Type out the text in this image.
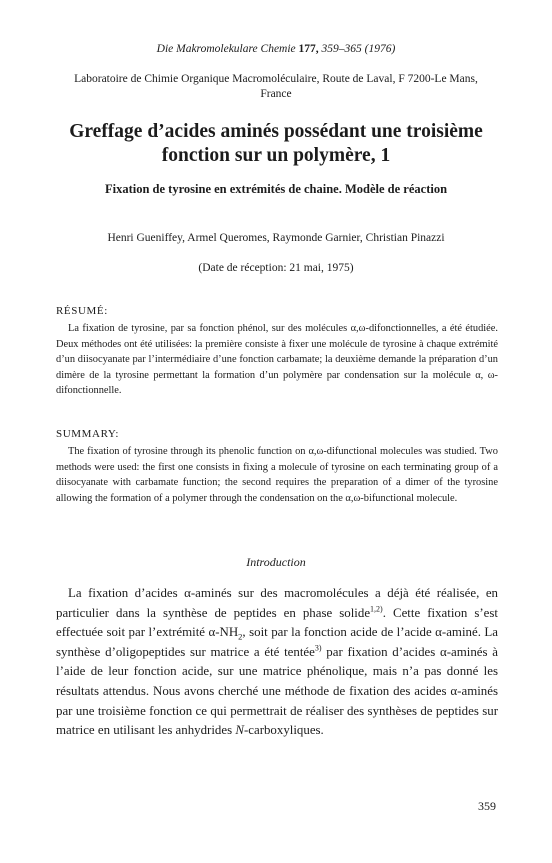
Die Makromolekulare Chemie 177, 359–365 (1976)
Laboratoire de Chimie Organique Macromoléculaire, Route de Laval, F 7200-Le Mans,
France
Greffage d’acides aminés possédant une troisième
fonction sur un polymère, 1
Fixation de tyrosine en extrémités de chaine. Modèle de réaction
Henri Gueniffey, Armel Queromes, Raymonde Garnier, Christian Pinazzi
(Date de réception: 21 mai, 1975)
RÉSUMÉ:

La fixation de tyrosine, par sa fonction phénol, sur des molécules α,ω-difonctionnelles, a été étudiée. Deux méthodes ont été utilisées: la première consiste à fixer une molécule de tyrosine à chaque extrémité d’un diisocyanate par l’intermédiaire d’une fonction carbamate; la deuxième demande la préparation d’un dimère de la tyrosine permettant la formation d’un polymère par condensation sur la molécule α, ω-difonctionnelle.

SUMMARY:

The fixation of tyrosine through its phenolic function on α,ω-difunctional molecules was studied. Two methods were used: the first one consists in fixing a molecule of tyrosine on each terminating group of a diisocyanate with carbamate function; the second requires the preparation of a dimer of the tyrosine allowing the formation of a polymer through the condensation on the α,ω-bifunctional molecule.

Introduction

La fixation d’acides α-aminés sur des macromolécules a déjà été réalisée, en particulier dans la synthèse de peptides en phase solide$^{1,2)}$. Cette fixation s’est effectuée soit par l’extrémité $\alpha-NH_2$, soit par la fonction acide de l’acide α-aminé. La synthèse d’oligopeptides sur matrice a été tentée$^{3)}$ par fixation d’acides α-aminés à l’aide de leur fonction acide, sur une matrice phénolique, mais n’a pas donné les résultats attendus. Nous avons cherché une méthode de fixation des acides α-aminés par une troisième fonction ce qui permettrait de réaliser des synthèses de peptides sur matrice en utilisant les anhydrides N-carboxyliques.

359
